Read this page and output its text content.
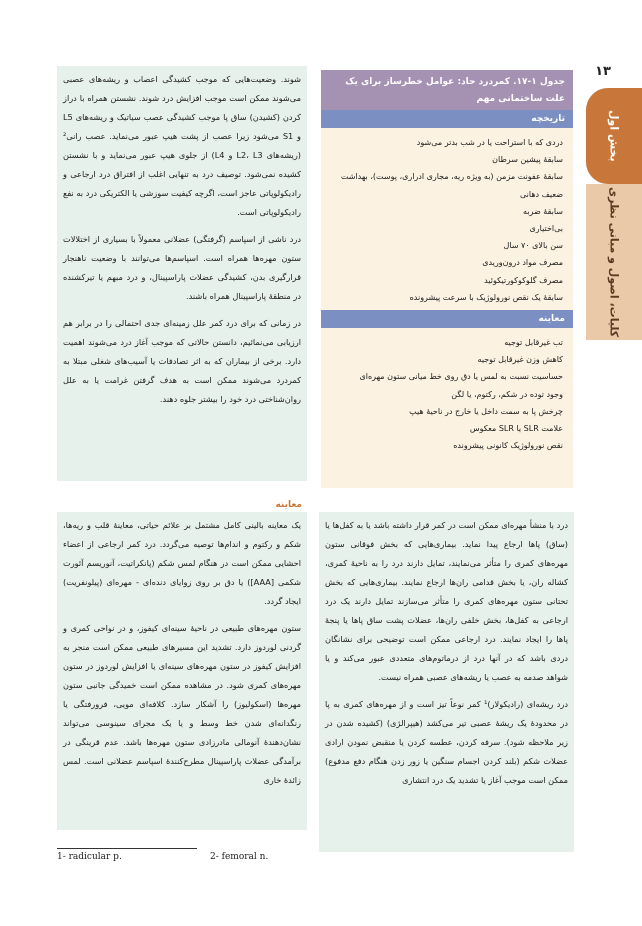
۱۳
بخش اول
کلیات، اصول و مبانی نظری
جدول ۱-۱۷. کمردرد حاد: عوامل خطرساز برای یک علت ساختمانی مهم
تاریخچه
دردی که با استراحت یا در شب بدتر می‌شود
سابقهٔ پیشین سرطان
سابقهٔ عفونت مزمن (به ویژه ریه، مجاری ادراری، پوست)، بهداشت ضعیف دهانی
سابقهٔ ضربه
بی‌اختیاری
سن بالای ۷۰ سال
مصرف مواد درون‌وریدی
مصرف گلوکوکورتیکوئید
سابقهٔ یک نقص نورولوژیک با سرعت پیشرونده
معاینه
تب غیرقابل توجیه
کاهش وزن غیرقابل توجیه
حساسیت نسبت به لمس یا دق روی خط میانی ستون مهره‌ای
وجود توده در شکم، رکتوم، یا لگن
چرخش پا به سمت داخل یا خارج در ناحیهٔ هیپ
علامت SLR یا SLR معکوس
نقص نورولوژیک کانونی پیشرونده

شوند. وضعیت‌هایی که موجب کشیدگی اعصاب و ریشه‌های عصبی می‌شوند ممکن است موجب افزایش درد شوند. نشستن همراه با دراز کردن (کشیدن) ساق پا موجب کشیدگی عصب سیاتیک و ریشه‌های L5 و S1 می‌شود زیرا عصب از پشت هیپ عبور می‌نماید. عصب رانی² (ریشه‌های L2، L3 و L4) از جلوی هیپ عبور می‌نماید و با نشستن کشیده نمی‌شود. توصیف درد به تنهایی اغلب از افتراق درد ارجاعی و رادیکولوپاتی عاجز است، اگرچه کیفیت سوزشی یا الکتریکی درد به نفع رادیکولوپاتی است.

درد ناشی از اسپاسم (گرفتگی) عضلانی معمولاً با بسیاری از اختلالات ستون مهره‌ها همراه است. اسپاسم‌ها می‌توانند با وضعیت ناهنجار قرارگیری بدن، کشیدگی عضلات پاراسپینال، و درد مبهم یا تیرکشنده در منطقهٔ پاراسپینال همراه باشند.

در زمانی که برای درد کمر علل زمینه‌ای جدی احتمالی را در برابر هم ارزیابی می‌نمائیم، دانستن حالاتی که موجب آغاز درد می‌شوند اهمیت دارد. برخی از بیماران که به اثر تصادفات یا آسیب‌های شغلی مبتلا به کمردرد می‌شوند ممکن است به هدف گرفتن غرامت یا به علل روان‌شناختی درد خود را بیشتر جلوه دهند.

معاینه

یک معاینه بالینی کامل مشتمل بر علائم حیاتی، معاینهٔ قلب و ریه‌ها، شکم و رکتوم و اندام‌ها توصیه می‌گردد. درد کمر ارجاعی از اعضاء احشایی ممکن است در هنگام لمس شکم (پانکراتیت، آنوریسم آئورت شکمی [AAA]) یا دق بر روی زوایای دنده‌ای - مهره‌ای (پیلونفریت) ایجاد گردد.

ستون مهره‌های طبیعی در ناحیهٔ سینه‌ای کیفوز، و در نواحی کمری و گردنی لوردوز دارد. تشدید این مسیرهای طبیعی ممکن است منجر به افزایش کیفوز در ستون مهره‌های سینه‌ای یا افزایش لوردوز در ستون مهره‌های کمری شود. در مشاهده ممکن است خمیدگی جانبی ستون مهره‌ها (اسکولیوز) را آشکار سازد. کلافه‌ای مویی، فرورفتگی یا رنگدانه‌ای شدن خط وسط و یا یک مجرای سینوسی می‌تواند نشان‌دهندهٔ آنومالی مادرزادی ستون مهره‌ها باشد. عدم قرینگی در برآمدگی عضلات پاراسپینال مطرح‌کنندهٔ اسپاسم عضلانی است. لمس زائدهٔ خاری

درد با منشأ مهره‌ای ممکن است در کمر قرار داشته باشد یا به کفل‌ها یا (ساق) پاها ارجاع پیدا نماید. بیماری‌هایی که بخش فوقانی ستون مهره‌های کمری را متأثر می‌نمایند، تمایل دارند درد را به ناحیهٔ کمری، کشاله ران، یا بخش قدامی ران‌ها ارجاع نمایند. بیماری‌هایی که بخش تحتانی ستون مهره‌های کمری را متأثر می‌سازند تمایل دارند یک درد ارجاعی به کفل‌ها، بخش خلفی ران‌ها، عضلات پشت ساق پاها یا پنجهٔ پاها را ایجاد نمایند. درد ارجاعی ممکن است توضیحی برای نشانگان دردی باشد که در آنها درد از درماتوم‌های متعددی عبور می‌کند و یا شواهد صدمه به عصب یا ریشه‌های عصبی همراه نیست.

درد ریشه‌ای (رادیکولار)¹ کمر نوعاً تیز است و از مهره‌های کمری به پا در محدودهٔ یک ریشهٔ عصبی تیر می‌کشد (هیپرالژی) (کشیده شدن در زیر ملاحظه شود). سرفه کردن، عطسه کردن یا منقبض نمودن ارادی عضلات شکم (بلند کردن اجسام سنگین یا زور زدن هنگام دفع مدفوع) ممکن است موجب آغاز یا تشدید یک درد انتشاری

1- radicular p.	2- femoral n.
